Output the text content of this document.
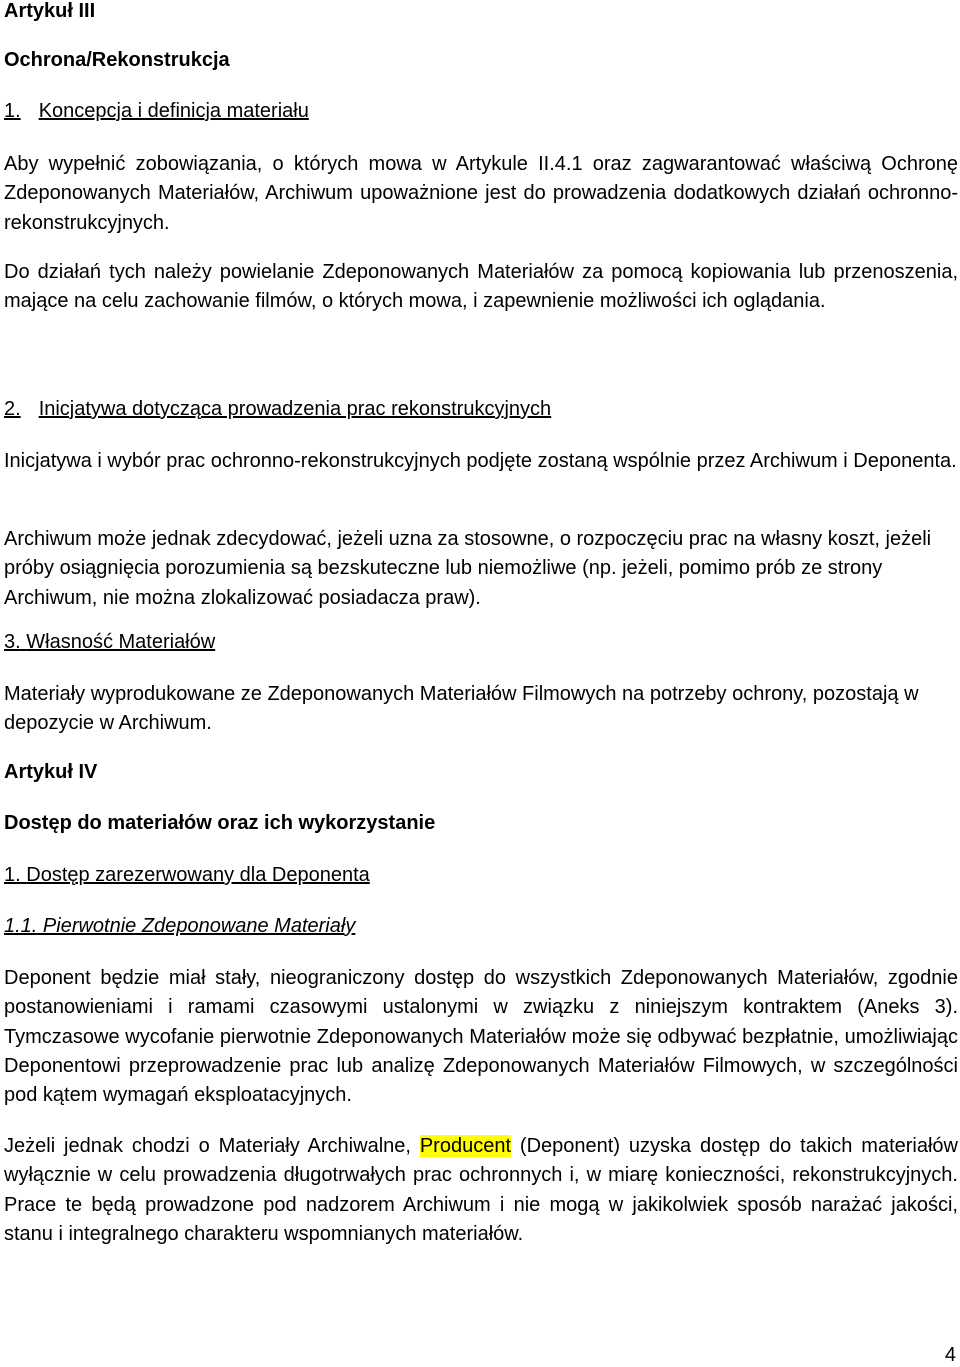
Artykuł III

Ochrona/Rekonstrukcja

1. Koncepcja i definicja materiału

Aby wypełnić zobowiązania, o których mowa w Artykule II.4.1 oraz zagwarantować właściwą Ochronę Zdeponowanych Materiałów, Archiwum upoważnione jest do prowadzenia dodatkowych działań ochronno-rekonstrukcyjnych.

Do działań tych należy powielanie Zdeponowanych Materiałów za pomocą kopiowania lub przenoszenia, mające na celu zachowanie filmów, o których mowa, i zapewnienie możliwości ich oglądania.

2. Inicjatywa dotycząca prowadzenia prac rekonstrukcyjnych

Inicjatywa i wybór prac ochronno-rekonstrukcyjnych podjęte zostaną wspólnie przez Archiwum i Deponenta.

Archiwum może jednak zdecydować, jeżeli uzna za stosowne, o rozpoczęciu prac na własny koszt, jeżeli próby osiągnięcia porozumienia są bezskuteczne lub niemożliwe (np. jeżeli, pomimo prób ze strony Archiwum, nie można zlokalizować posiadacza praw).

3. Własność Materiałów

Materiały wyprodukowane ze Zdeponowanych Materiałów Filmowych na potrzeby ochrony, pozostają w depozycie w Archiwum.

Artykuł IV

Dostęp do materiałów oraz ich wykorzystanie

1. Dostęp zarezerwowany dla Deponenta

1.1. Pierwotnie Zdeponowane Materiały

Deponent będzie miał stały, nieograniczony dostęp do wszystkich Zdeponowanych Materiałów, zgodnie postanowieniami i ramami czasowymi ustalonymi w związku z niniejszym kontraktem (Aneks 3). Tymczasowe wycofanie pierwotnie Zdeponowanych Materiałów może się odbywać bezpłatnie, umożliwiając Deponentowi przeprowadzenie prac lub analizę Zdeponowanych Materiałów Filmowych, w szczególności pod kątem wymagań eksploatacyjnych.

Jeżeli jednak chodzi o Materiały Archiwalne, Producent (Deponent) uzyska dostęp do takich materiałów wyłącznie w celu prowadzenia długotrwałych prac ochronnych i, w miarę konieczności, rekonstrukcyjnych. Prace te będą prowadzone pod nadzorem Archiwum i nie mogą w jakikolwiek sposób narażać jakości, stanu i integralnego charakteru wspomnianych materiałów.

4
